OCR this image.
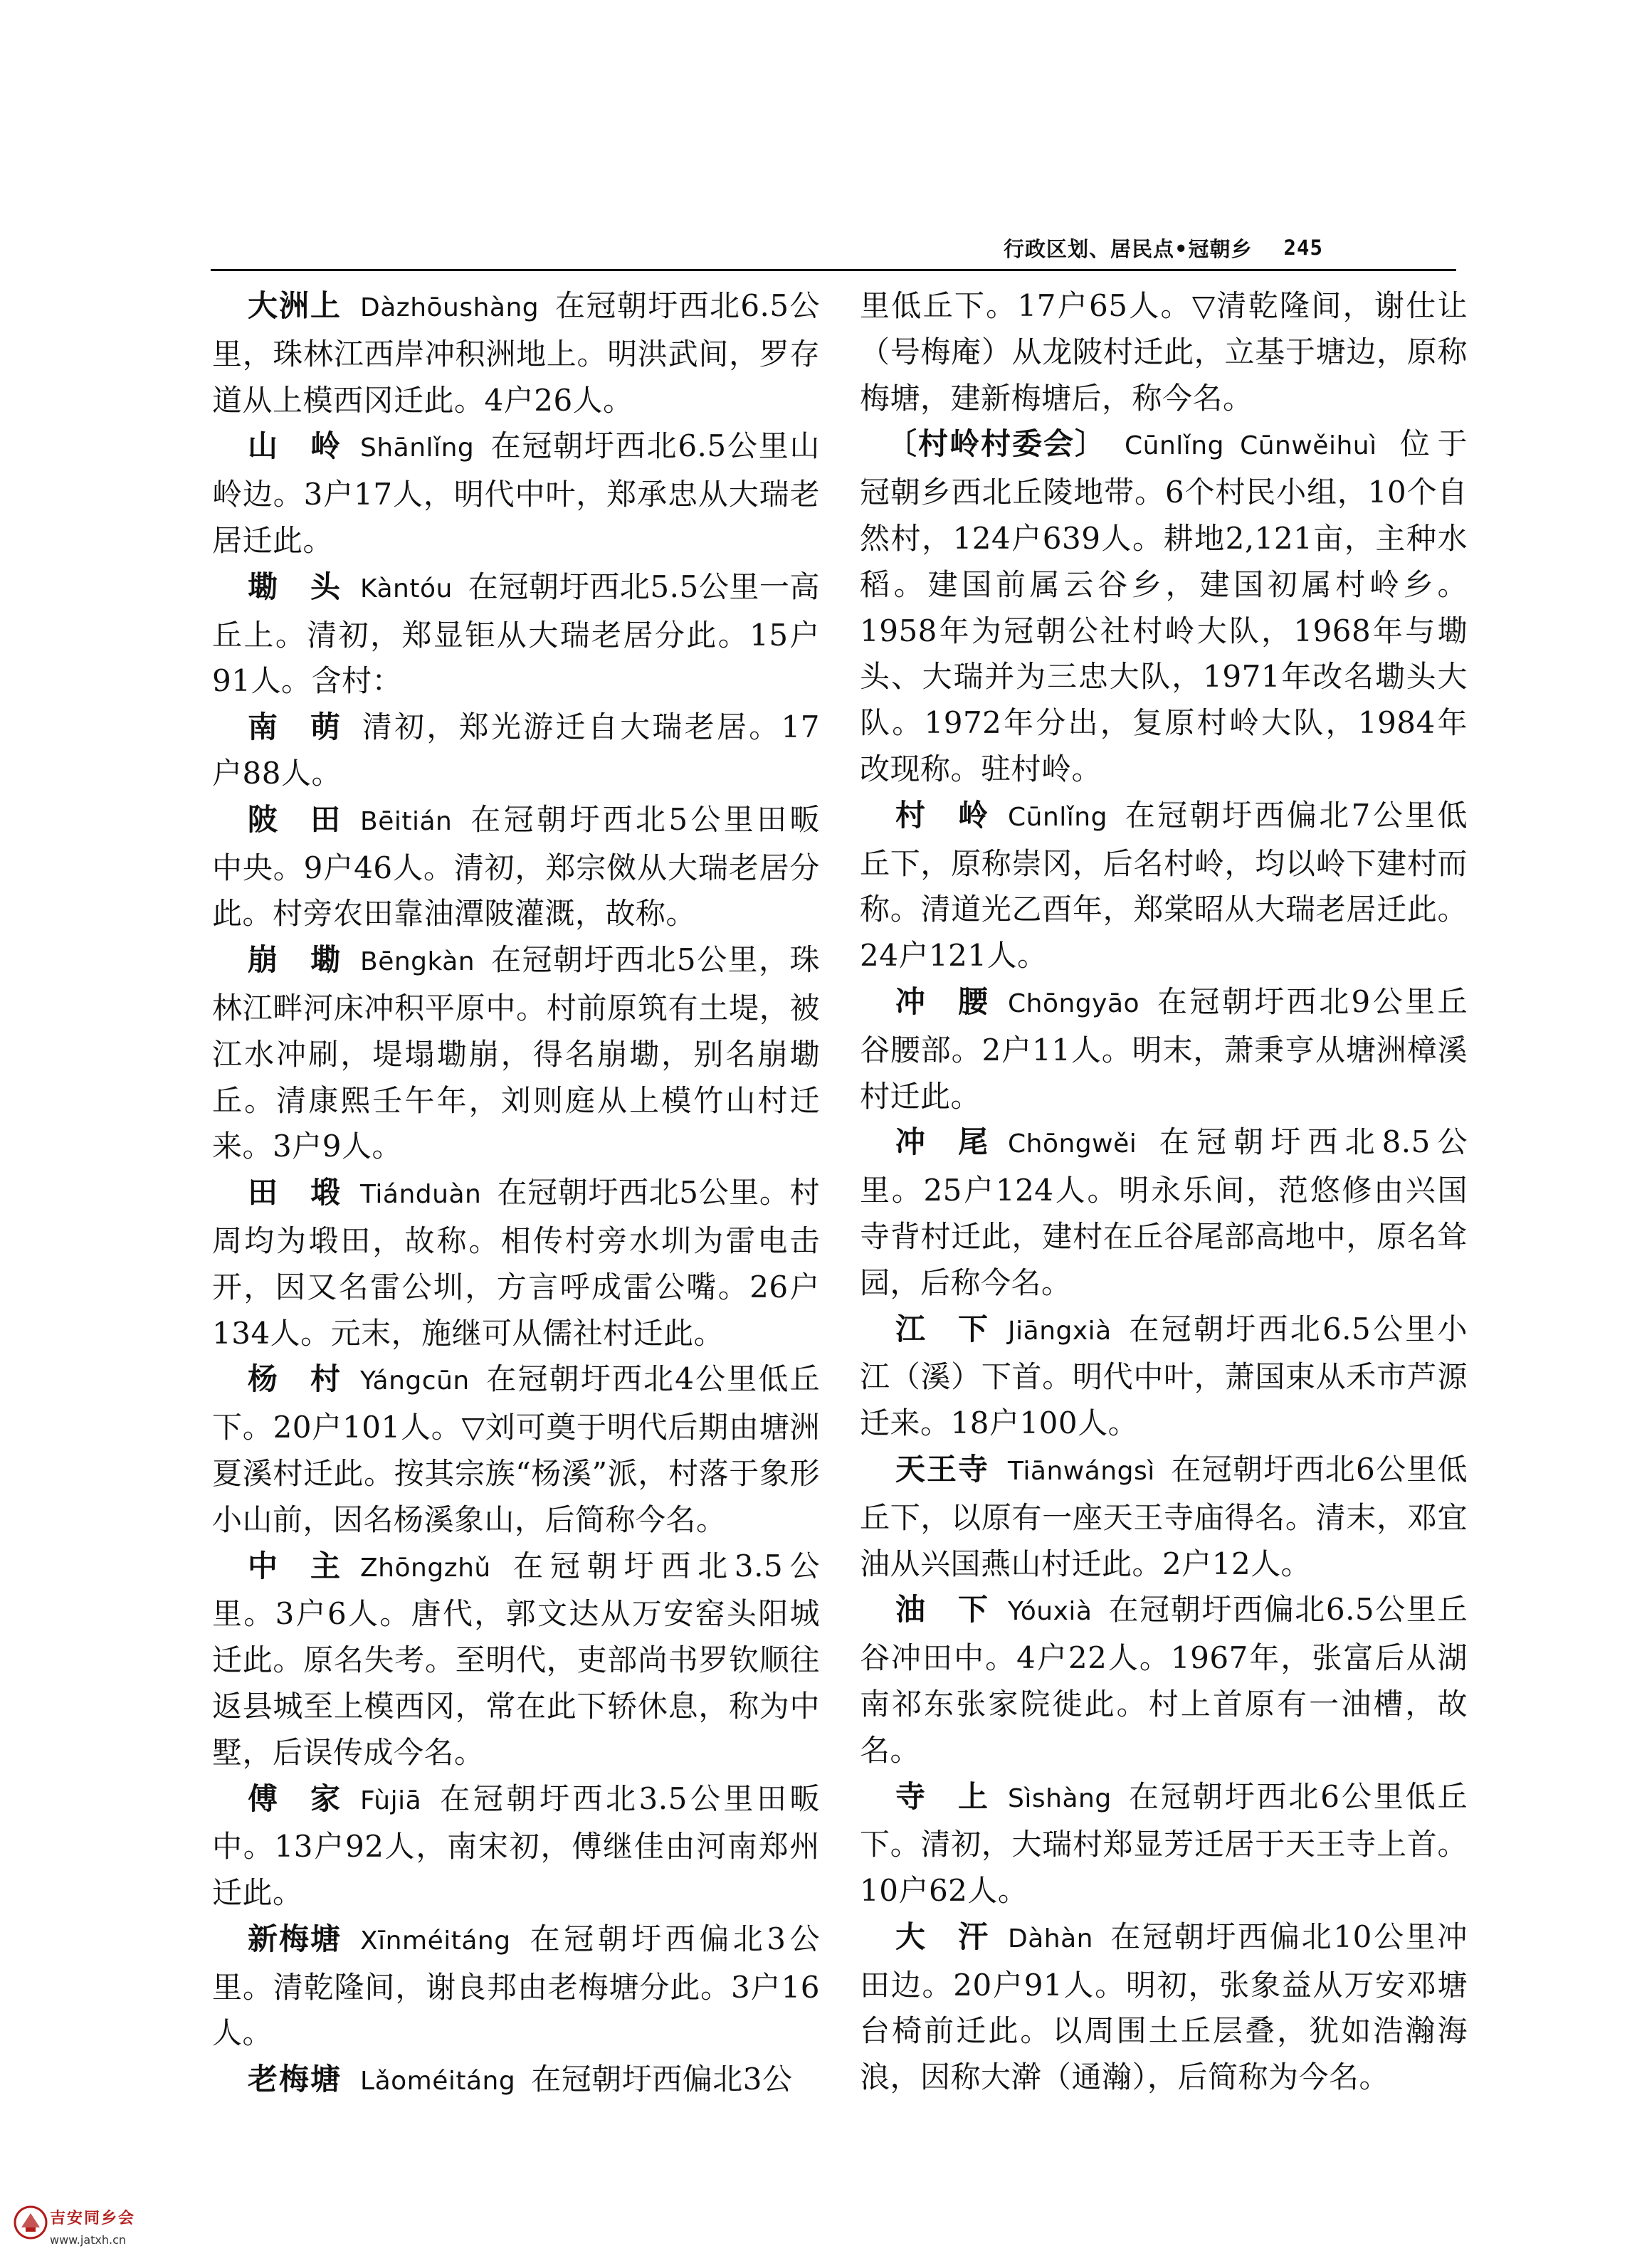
行政区划、居民点•冠朝乡 245

大洲上 Dàzhōushàng 在冠朝圩西北6.5公里，珠林江西岸冲积洲地上。明洪武间，罗存道从上模西冈迁此。4户26人。

山　岭 Shānlǐng 在冠朝圩西北6.5公里山岭边。3户17人，明代中叶，郑承忠从大瑞老居迁此。

墈　头 Kàntóu 在冠朝圩西北5.5公里一高丘上。清初，郑显钜从大瑞老居分此。15户91人。含村：

南　萌 清初，郑光游迁自大瑞老居。17户88人。

陂　田 Bēitián 在冠朝圩西北5公里田畈中央。9户46人。清初，郑宗傚从大瑞老居分此。村旁农田靠油潭陂灌溉，故称。

崩　墈 Bēngkàn 在冠朝圩西北5公里，珠林江畔河床冲积平原中。村前原筑有土堤，被江水冲刷，堤塌墈崩，得名崩墈，别名崩墈丘。清康熙壬午年，刘则庭从上模竹山村迁来。3户9人。

田　塅 Tiánduàn 在冠朝圩西北5公里。村周均为塅田，故称。相传村旁水圳为雷电击开，因又名雷公圳，方言呼成雷公嘴。26户134人。元末，施继可从儒社村迁此。

杨　村 Yángcūn 在冠朝圩西北4公里低丘下。20户101人。▽刘可奠于明代后期由塘洲夏溪村迁此。按其宗族“杨溪”派，村落于象形小山前，因名杨溪象山，后简称今名。

中　主 Zhōngzhǔ 在冠朝圩西北3.5公里。3户6人。唐代，郭文达从万安窑头阳城迁此。原名失考。至明代，吏部尚书罗钦顺往返县城至上模西冈，常在此下轿休息，称为中墅，后误传成今名。

傅　家 Fùjiā 在冠朝圩西北3.5公里田畈中。13户92人，南宋初，傅继佳由河南郑州迁此。

新梅塘 Xīnméitáng 在冠朝圩西偏北3公里。清乾隆间，谢良邦由老梅塘分此。3户16人。

老梅塘 Lǎoméitáng 在冠朝圩西偏北3公

里低丘下。17户65人。▽清乾隆间，谢仕让（号梅庵）从龙陂村迁此，立基于塘边，原称梅塘，建新梅塘后，称今名。

〔村岭村委会〕 Cūnlǐng Cūnwěihuì 位于冠朝乡西北丘陵地带。6个村民小组，10个自然村，124户639人。耕地2,121亩，主种水稻。建国前属云谷乡，建国初属村岭乡。1958年为冠朝公社村岭大队，1968年与墈头、大瑞并为三忠大队，1971年改名墈头大队。1972年分出，复原村岭大队，1984年改现称。驻村岭。

村　岭 Cūnlǐng 在冠朝圩西偏北7公里低丘下，原称崇冈，后名村岭，均以岭下建村而称。清道光乙酉年，郑棠昭从大瑞老居迁此。24户121人。

冲　腰 Chōngyāo 在冠朝圩西北9公里丘谷腰部。2户11人。明末，萧秉亨从塘洲樟溪村迁此。

冲　尾 Chōngwěi 在冠朝圩西北8.5公里。25户124人。明永乐间，范悠修由兴国寺背村迁此，建村在丘谷尾部高地中，原名耸园，后称今名。

江　下 Jiāngxià 在冠朝圩西北6.5公里小江（溪）下首。明代中叶，萧国束从禾市芦源迁来。18户100人。

天王寺 Tiānwángsì 在冠朝圩西北6公里低丘下，以原有一座天王寺庙得名。清末，邓宜油从兴国燕山村迁此。2户12人。

油　下 Yóuxià 在冠朝圩西偏北6.5公里丘谷冲田中。4户22人。1967年，张富后从湖南祁东张家院徙此。村上首原有一油槽，故名。

寺　上 Sìshàng 在冠朝圩西北6公里低丘下。清初，大瑞村郑显芳迁居于天王寺上首。10户62人。

大　汗 Dàhàn 在冠朝圩西偏北10公里冲田边。20户91人。明初，张象益从万安邓塘台椅前迁此。以周围土丘层叠，犹如浩瀚海浪，因称大澣（通瀚），后简称为今名。

吉安同乡会
www.jatxh.cn
